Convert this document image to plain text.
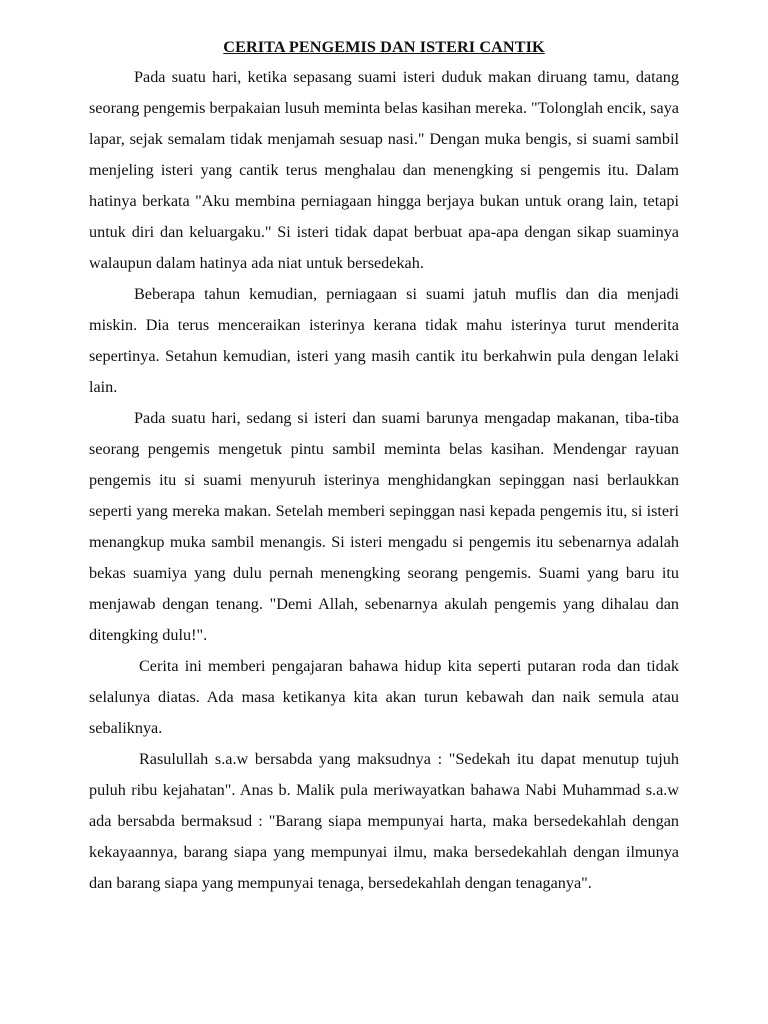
CERITA PENGEMIS DAN ISTERI CANTIK

Pada suatu hari, ketika sepasang suami isteri duduk makan diruang tamu, datang seorang pengemis berpakaian lusuh meminta belas kasihan mereka. "Tolonglah encik, saya lapar, sejak semalam tidak menjamah sesuap nasi." Dengan muka bengis, si suami sambil menjeling isteri yang cantik terus menghalau dan menengking si pengemis itu. Dalam hatinya berkata "Aku membina perniagaan hingga berjaya bukan untuk orang lain, tetapi untuk diri dan keluargaku." Si isteri tidak dapat berbuat apa-apa dengan sikap suaminya walaupun dalam hatinya ada niat untuk bersedekah.

Beberapa tahun kemudian, perniagaan si suami jatuh muflis dan dia menjadi miskin. Dia terus menceraikan isterinya kerana tidak mahu isterinya turut menderita sepertinya. Setahun kemudian, isteri yang masih cantik itu berkahwin pula dengan lelaki lain.

Pada suatu hari, sedang si isteri dan suami barunya mengadap makanan, tiba-tiba seorang pengemis mengetuk pintu sambil meminta belas kasihan. Mendengar rayuan pengemis itu si suami menyuruh isterinya menghidangkan sepinggan nasi berlaukkan seperti yang mereka makan. Setelah memberi sepinggan nasi kepada pengemis itu, si isteri menangkup muka sambil menangis. Si isteri mengadu si pengemis itu sebenarnya adalah bekas suamiya yang dulu pernah menengking seorang pengemis. Suami yang baru itu menjawab dengan tenang. "Demi Allah, sebenarnya akulah pengemis yang dihalau dan ditengking dulu!".

Cerita ini memberi pengajaran bahawa hidup kita seperti putaran roda dan tidak selalunya diatas. Ada masa ketikanya kita akan turun kebawah dan naik semula atau sebaliknya.

Rasulullah s.a.w bersabda yang maksudnya : "Sedekah itu dapat menutup tujuh puluh ribu kejahatan". Anas b. Malik pula meriwayatkan bahawa Nabi Muhammad s.a.w ada bersabda bermaksud : "Barang siapa mempunyai harta, maka bersedekahlah dengan kekayaannya, barang siapa yang mempunyai ilmu, maka bersedekahlah dengan ilmunya dan barang siapa yang mempunyai tenaga, bersedekahlah dengan tenaganya".
